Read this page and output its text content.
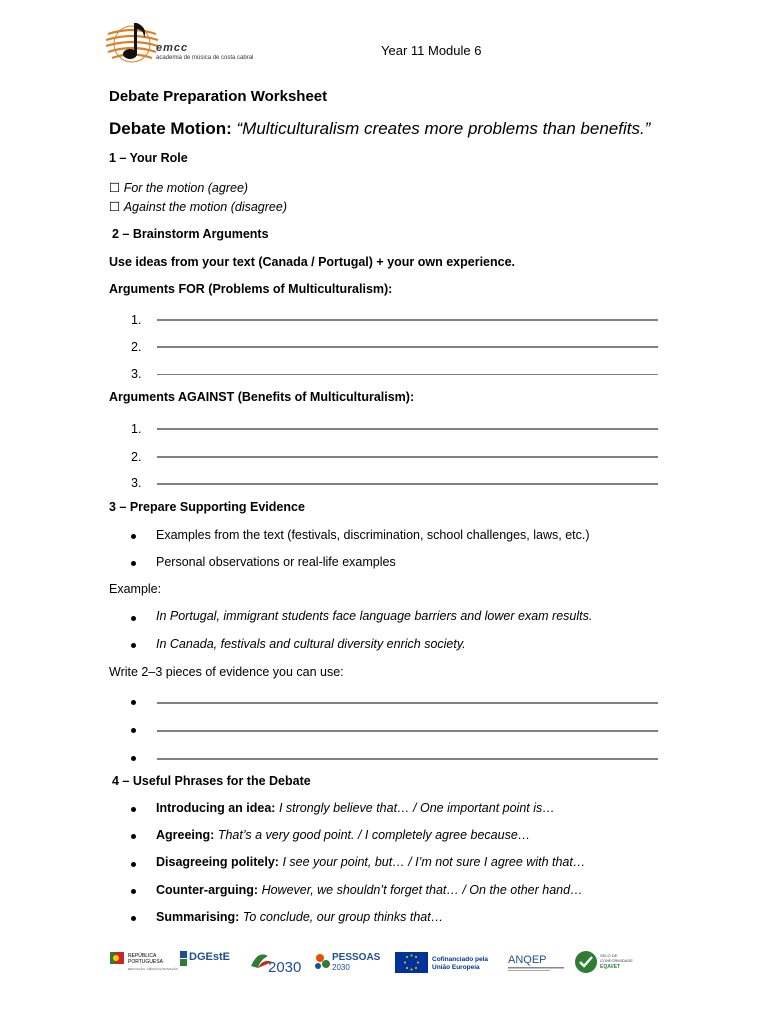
emcc
academia de música de costa cabral	Year 11 Module 6
Debate Preparation Worksheet
Debate Motion: “Multiculturalism creates more problems than benefits.”
1 – Your Role
☐ For the motion (agree)
☐ Against the motion (disagree)
2 – Brainstorm Arguments
Use ideas from your text (Canada / Portugal) + your own experience.
Arguments FOR (Problems of Multiculturalism):
1.
2.
3.
Arguments AGAINST (Benefits of Multiculturalism):
1.
2.
3.
3 – Prepare Supporting Evidence
Examples from the text (festivals, discrimination, school challenges, laws, etc.)
Personal observations or real-life examples
Example:
In Portugal, immigrant students face language barriers and lower exam results.
In Canada, festivals and cultural diversity enrich society.
Write 2–3 pieces of evidence you can use:
4 – Useful Phrases for the Debate
Introducing an idea: I strongly believe that… / One important point is…
Agreeing: That’s a very good point. / I completely agree because…
Disagreeing politely: I see your point, but… / I’m not sure I agree with that…
Counter-arguing: However, we shouldn’t forget that… / On the other hand…
Summarising: To conclude, our group thinks that…
REPÚBLICA
PORTUGUESA
EDUCAÇÃO, CIÊNCIA E INOVAÇÃO
DGEstE
2030
PESSOAS
2030
Cofinanciado pela
União Europeia
ANQEP	SELO DE
CONFORMIDADE
EQAVET
